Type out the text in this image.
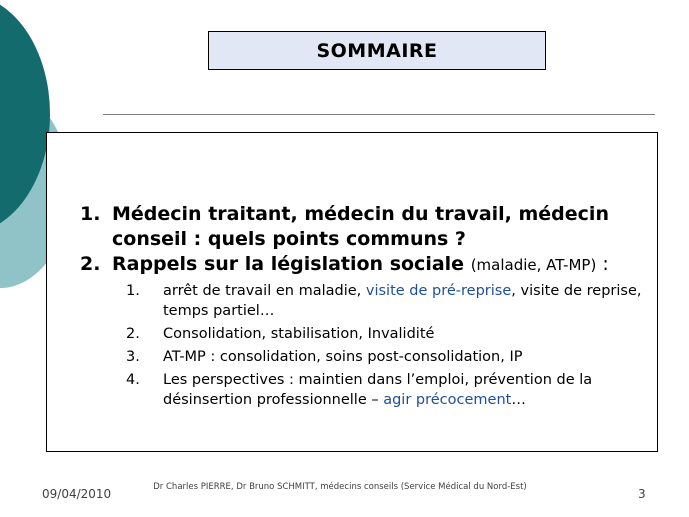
SOMMAIRE
1. Médecin traitant, médecin du travail, médecin conseil : quels points communs ?
2. Rappels sur la législation sociale (maladie, AT-MP) :
1.	arrêt de travail en maladie, visite de pré-reprise, visite de reprise, temps partiel…
2.	Consolidation, stabilisation, Invalidité
3.	AT-MP : consolidation, soins post-consolidation, IP
4.	Les perspectives : maintien dans l’emploi, prévention de la désinsertion professionnelle – agir précocement…
09/04/2010	Dr Charles PIERRE, Dr Bruno SCHMITT, médecins conseils (Service Médical du Nord-Est)	3
